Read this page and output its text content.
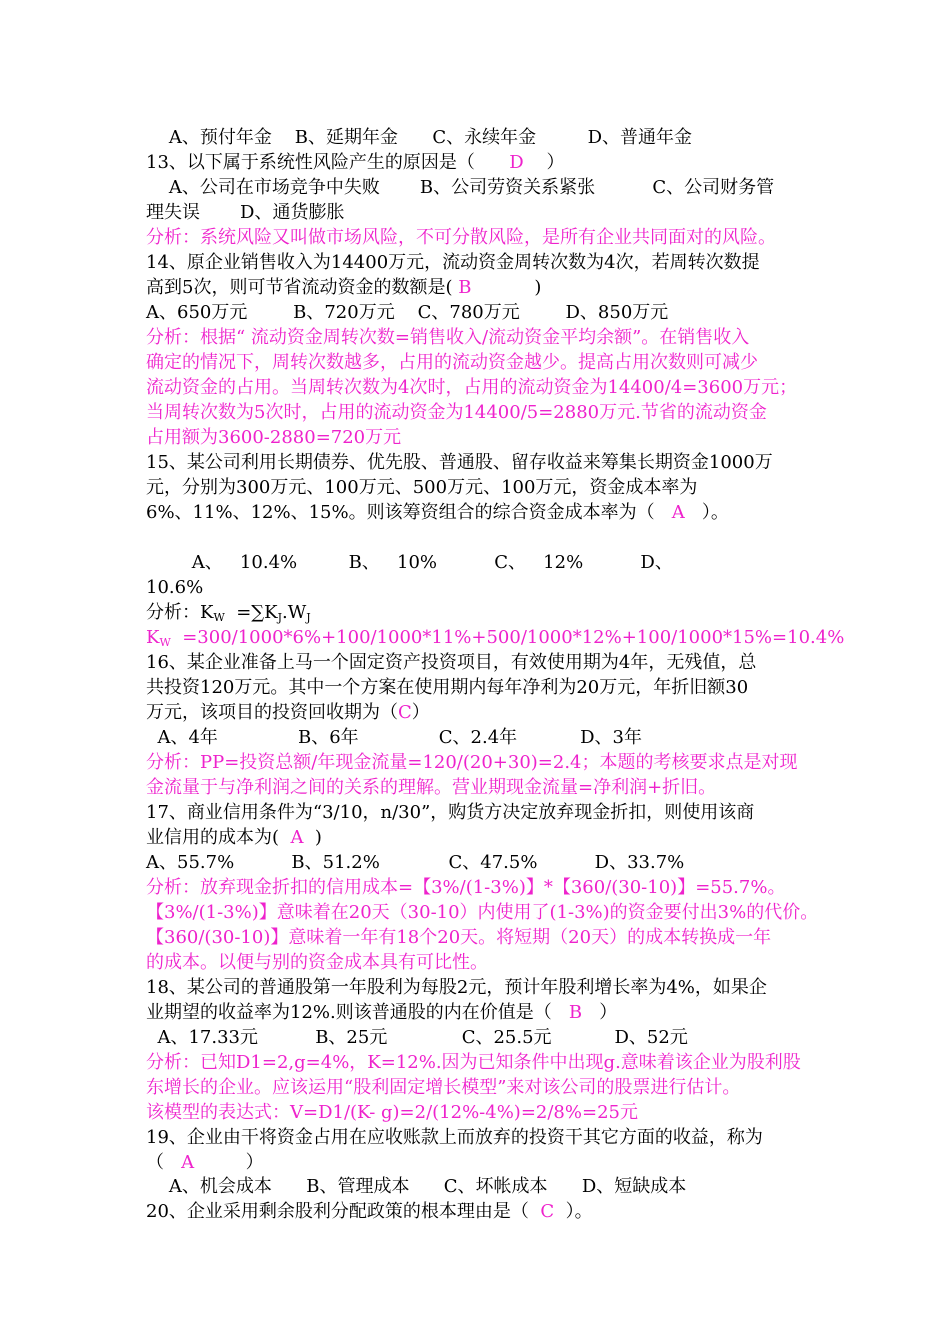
A、预付年金    B、延期年金      C、永续年金         D、普通年金
13、以下属于系统性风险产生的原因是（      D    ）
A、公司在市场竞争中失败       B、公司劳资关系紧张          C、公司财务管
理失误       D、通货膨胀
分析：系统风险又叫做市场风险，不可分散风险，是所有企业共同面对的风险。
14、原企业销售收入为14400万元，流动资金周转次数为4次，若周转次数提
高到5次，则可节省流动资金的数额是( B           )
A、650万元        B、720万元    C、780万元        D、850万元
分析：根据“ 流动资金周转次数=销售收入/流动资金平均余额”。在销售收入
确定的情况下，周转次数越多，占用的流动资金越少。提高占用次数则可减少
流动资金的占用。当周转次数为4次时，占用的流动资金为14400/4=3600万元；
当周转次数为5次时，占用的流动资金为14400/5=2880万元.节省的流动资金
占用额为3600-2880=720万元
15、某公司利用长期债券、优先股、普通股、留存收益来筹集长期资金1000万
元，分别为300万元、100万元、500万元、100万元，资金成本率为
6%、11%、12%、15%。则该筹资组合的综合资金成本率为（   A   ）。
A、   10.4%         B、   10%          C、   12%          D、
10.6%
分析：$K_W =\sum K_J.W_J$
$K_W =300/1000*6\%+100/1000*11\%+500/1000*12\%+100/1000*15\%=10.4\%$
16、某企业准备上马一个固定资产投资项目，有效使用期为4年，无残值，总
共投资120万元。其中一个方案在使用期内每年净利为20万元，年折旧额30
万元，该项目的投资回收期为（C）
A、4年              B、6年              C、2.4年           D、3年
分析：PP=投资总额/年现金流量=120/(20+30)=2.4；本题的考核要求点是对现
金流量于与净利润之间的关系的理解。营业期现金流量=净利润+折旧。
17、商业信用条件为“3/10，n/30”，购货方决定放弃现金折扣，则使用该商
业信用的成本为(  A  )
A、55.7%          B、51.2%            C、47.5%          D、33.7%
分析：放弃现金折扣的信用成本=【3%/(1-3%)】*【360/(30-10)】=55.7%。
【3%/(1-3%)】意味着在20天（30-10）内使用了(1-3%)的资金要付出3%的代价。
【360/(30-10)】意味着一年有18个20天。将短期（20天）的成本转换成一年
的成本。以便与别的资金成本具有可比性。
18、某公司的普通股第一年股利为每股2元，预计年股利增长率为4%，如果企
业期望的收益率为12%.则该普通股的内在价值是（   B   ）
A、17.33元          B、25元             C、25.5元           D、52元
分析：已知D1=2,g=4%，K=12%.因为已知条件中出现g.意味着该企业为股利股
东增长的企业。应该运用“股利固定增长模型”来对该公司的股票进行估计。
该模型的表达式：V=D1/(K- g)=2/(12%-4%)=2/8%=25元
19、企业由干将资金占用在应收账款上而放弃的投资干其它方面的收益，称为
（   A         ）
A、机会成本      B、管理成本      C、坏帐成本      D、短缺成本
20、企业采用剩余股利分配政策的根本理由是（  C  ）。
